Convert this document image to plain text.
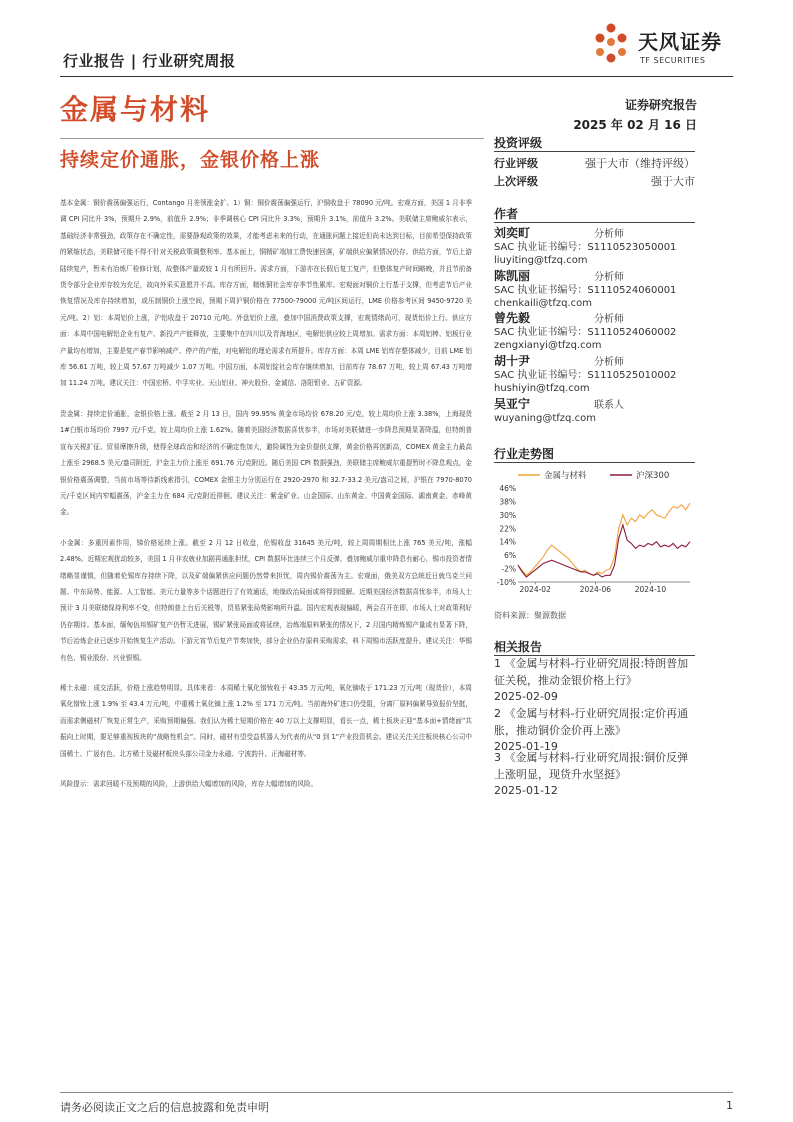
行业报告 | 行业研究周报
天风证券
TF SECURITIES
金属与材料	证券研究报告
2025 年 02 月 16 日
持续定价通胀，金银价格上涨

基本金属：铜价震荡偏强运行，Contango 月差领涨金扩。1）铜：铜价震荡偏强运行，沪铜收盘于 78090 元/吨。宏观方面，美国 1 月非季调 CPI 同比升 3%，预期升 2.9%，前值升 2.9%；非季调核心 CPI 同比升 3.3%，预期升 3.1%，前值升 3.2%。美联储主席鲍威尔表示，基础经济非常强劲，政策存在不确定性，需要静观政策的效果，才能考虑未来的行动，在通胀问题上接近但尚未达到目标，目前希望保持政策的紧缩状态，美联储可能不得不针对关税政策调整利率。基本面上，铜精矿端加工费快速回落，矿端供应偏紧情况仍存。供给方面，节后上游陆续复产，暂未有冶炼厂检修计划，故整体产量或较 1 月有所回升。需求方面，下游亦在长假后复工复产，但整体复产时间略晚，并且节前备货令部分企业库存较为充足，故向外采买意愿并不高。库存方面，精炼铜社会库存季节性累库。宏观面对铜价上行基于支撑，但考虑节后产业恢复情况及库存持续增加，或压制铜价上涨空间，预期下周沪铜价格在 77500-79000 元/吨区间运行，LME 价格参考区间 9450-9720 美元/吨。2）铝：本周铝价上涨，沪铝收盘于 20710 元/吨。外盘铝价上涨，叠加中国消费政策支撑，宏观情绪尚可，现货铝价上行。供应方面：本周中国电解铝企业有复产、新投产产能释放，主要集中在四川以及青海地区，电解铝供应较上周增加。需求方面：本周铝棒、铝板行业产量均有增加，主要是复产春节影响减产、停产的产能，对电解铝的理论需求有所提升。库存方面：本周 LME 铝库存整体减少，目前 LME 铝库 56.61 万吨，较上周 57.67 万吨减少 1.07 万吨。中国方面，本周铝锭社会库存继续增加，目前库存 78.67 万吨，较上周 67.43 万吨增加 11.24 万吨。建议关注：中国宏桥、中孚实业、天山铝业、神火股份、金诚信、洛阳钼业、五矿资源。

贵金属：持续定价通胀，金银价格上涨。截至 2 月 13 日，国内 99.95% 黄金市场均价 678.20 元/克，较上周均价上涨 3.38%，上海现货 1#白银市场均价 7997 元/千克，较上周均价上涨 1.62%。随着美国经济数据喜忧参半，市场对美联储进一步降息预期显著降温，但特朗普宣布关税扩征、贸易摩擦升级，使得全球政治和经济的不确定性加大，避险属性为金价提供支撑，黄金价格再创新高，COMEX 黄金主力最高上涨至 2968.5 美元/盎司附近，沪金主力价上涨至 691.76 元/克附近。随后美国 CPI 数据强劲，美联储主席鲍威尔重提暂时不降息观点，金银价格震荡调整，当前市场等待新线索指引，COMEX 金银主力分别运行在 2920-2970 和 32.7-33.2 美元/盎司之间，沪银在 7970-8070 元/千克区间内窄幅震荡，沪金主力在 684 元/克附近徘徊。建议关注：紫金矿业、山金国际、山东黄金、中国黄金国际、湖南黄金、赤峰黄金。

小金属：多重因素作用，锑价格延续上涨。截至 2 月 12 日收盘，伦锡收盘 31645 美元/吨，较上周周期相比上涨 765 美元/吨，涨幅 2.48%。近期宏观扰动较多，美国 1 月非农就业加剧再通胀担忧，CPI 数据环比连续三个月反弹，叠加鲍威尔重申降息有耐心，锡市投资者情绪略显谨慎，但随着伦锡库存持续下降，以及矿端偏紧供应问题仍然带来担忧，周内锡价震荡为主。宏观面，俄美双方总统近日就乌克兰问题、中东局势、能源、人工智能、美元力量等多个话题进行了有效通话，地缘政治局面或将得到缓解。近期美国经济数据喜忧参半，市场人士预计 3 月美联储保持利率不变，但特朗普上台后关税等，贸易紧张局势影响所升温。国内宏观表现偏暖，两会召开在即，市场人士对政策利好仍存期待。基本面，缅甸佤邦锡矿复产仍暂无进展，锡矿紧张局面或将延续，冶炼端原料紧张的情况下，2 月国内精炼锡产量或有显著下降，节后冶炼企业已逐步开始恢复生产活动。下游元宵节后复产节奏加快，部分企业仍存原料采购需求，料下周锡市活跃度提升。建议关注：华锡有色、锡业股份、兴业银锡。

稀土永磁：成交活跃，价格上涨趋势明显。具体来看：本周稀土氧化镨钕收于 43.35 万元/吨，氧化镝收于 171.23 万元/吨（现货价），本周氧化镨钕上涨 1.9% 至 43.4 万元/吨，中重稀土氧化镝上涨 1.2% 至 171 万元/吨。当前海外矿进口仍受阻，分离厂原料偏紧导致报价坚挺，而需求侧磁材厂恢复正常生产，采购预期偏强。我们认为稀土短期价格在 40 万以上支撑明显，看长一点，稀土板块正迎“基本面+情绪面”共振向上时期，要足够重视板块的“战略性机会”。同时，磁材有望受益机器人为代表的从“0 到 1”产业投资机会。建议关注关注板块核心公司中国稀土、广晟有色、北方稀土及磁材板块头部公司金力永磁、宁波韵升、正海磁材等。

风险提示：需求回暖不及预期的风险，上游供给大幅增加的风险，库存大幅增加的风险。

投资评级
行业评级	强于大市（维持评级）
上次评级	强于大市
作者
刘奕町	分析师
SAC 执业证书编号：S1110523050001
liuyiting@tfzq.com
陈凯丽	分析师
SAC 执业证书编号：S1110524060001
chenkaili@tfzq.com
曾先毅	分析师
SAC 执业证书编号：S1110524060002
zengxianyi@tfzq.com
胡十尹	分析师
SAC 执业证书编号：S1110525010002
hushiyin@tfzq.com
吴亚宁	联系人
wuyaning@tfzq.com
行业走势图
金属与材料	沪深300
46%
38%
30%
22%
14%
6%
-2%
-10%
2024-02	2024-06	2024-10
资料来源：聚源数据
相关报告
1 《金属与材料-行业研究周报:特朗普加征关税，推动金银价格上行》
2025-02-09
2 《金属与材料-行业研究周报:定价再通胀，推动铜价金价再上涨》
2025-01-19
3 《金属与材料-行业研究周报:铜价反弹上涨明显，现货升水坚挺》
2025-01-12
请务必阅读正文之后的信息披露和免责申明	1
